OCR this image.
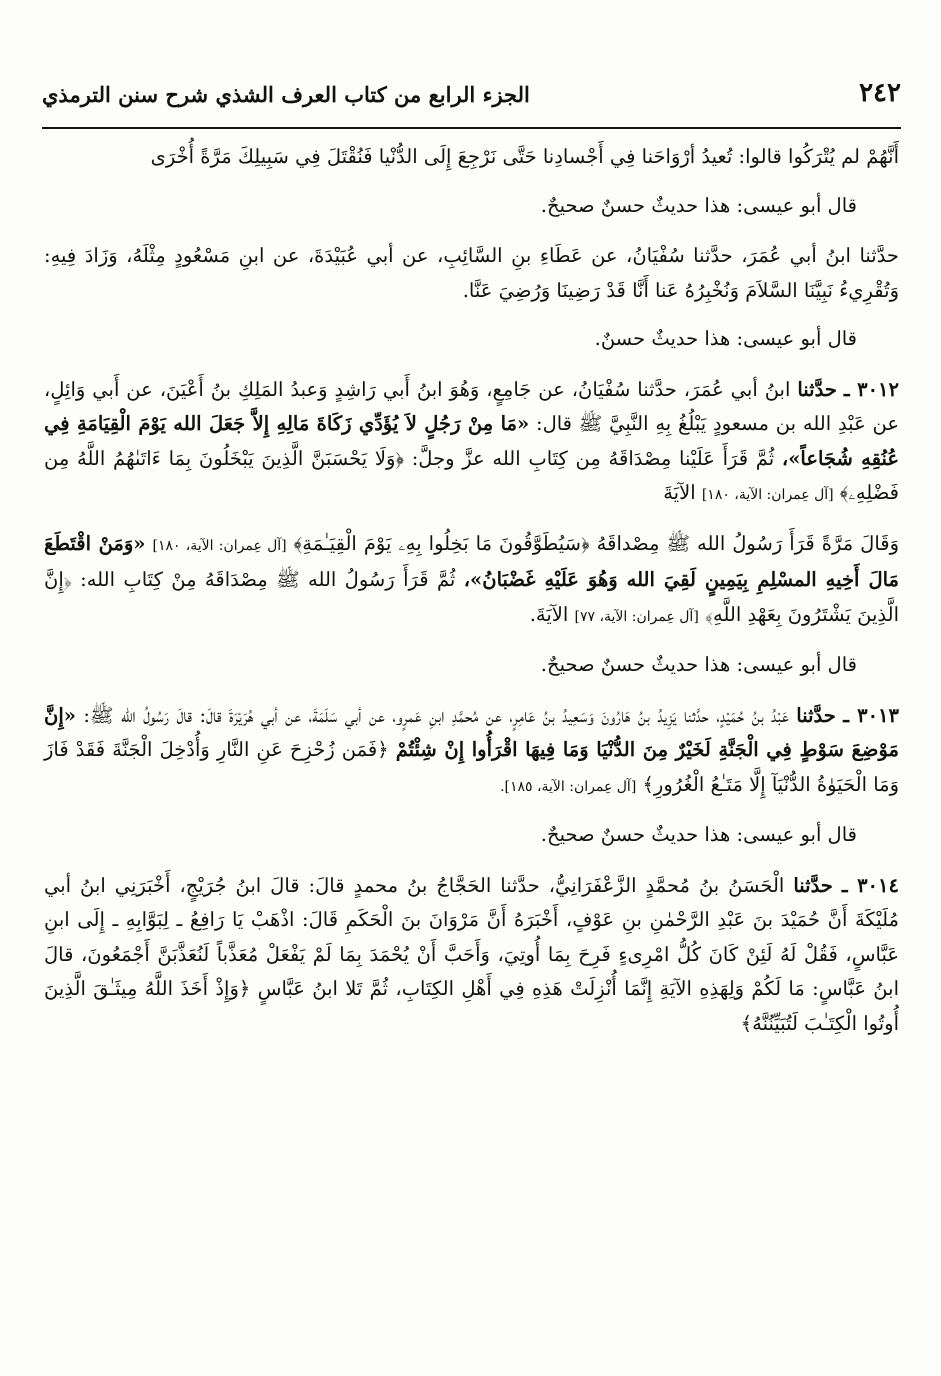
٢٤٢
الجزء الرابع من كتاب العرف الشذي شرح سنن الترمذي

أَنَّهُمْ لم يُتْرَكُوا قالوا: تُعيدُ أرْوَاحَنا فِي أَجْسادِنا حَتَّى نَرْجِعَ إِلَى الدُّنْيا فَنُقْتَلَ فِي سَبِيلِكَ مَرَّةً أُخْرَى

قال أبو عيسى: هذا حديثٌ حسنٌ صحيحٌ.

حدَّثنا ابنُ أبي عُمَرَ، حدَّثنا سُفْيَانُ، عن عَطَاءِ بنِ السَّائِبِ، عن أبي عُبَيْدَةَ، عن ابنِ مَسْعُودٍ مِثْلَهُ، وَزَادَ فِيهِ: وَتُقْرِيءُ نَبِيَّنَا السَّلاَمَ وَنُخْبِرُهُ عَنا أَنَّا قَدْ رَضِينَا وَرُضِيَ عَنَّا.

قال أبو عيسى: هذا حديثٌ حسنٌ.

٣٠١٢ ـ حدَّثنا ابنُ أبي عُمَرَ، حدَّثنا سُفْيَانُ، عن جَامِعٍ، وَهُوَ ابنُ أَبي رَاشِدٍ وَعبدُ المَلِكِ بنُ أَعْيَنَ، عن أَبي وَائِلٍ، عن عَبْدِ الله بن مسعودٍ يَبْلُغُ بِهِ النَّبِيَّ ﷺ قال: «مَا مِنْ رَجُلٍ لاَ يُؤَدِّي زَكَاةَ مَالِهِ إِلاَّ جَعَلَ الله يَوْمَ الْقِيَامَةِ فِي عُنُقِهِ شُجَاعاً»، ثُمَّ قَرَأَ عَلَيْنا مِصْدَاقَهُ مِن كِتَابِ الله عزَّ وجلَّ: ﴿وَلَا يَحْسَبَنَّ الَّذِينَ يَبْخَلُونَ بِمَا ءَاتَىٰهُمُ اللَّهُ مِن فَضْلِهِۦ﴾ [آل عِمران: الآية، ١٨٠] الآيَةَ

وَقَالَ مَرَّةً قَرَأَ رَسُولُ الله ﷺ مِصْداقَهُ ﴿سَيُطَوَّقُونَ مَا بَخِلُوا بِهِۦ يَوْمَ الْقِيَـٰمَةِ﴾ [آل عِمران: الآية، ١٨٠] «وَمَنْ اقْتَطَعَ مَالَ أَخِيهِ المسْلِمِ بِيَمِينٍ لَقِيَ الله وَهُوَ عَلَيْهِ غَضْبَانُ»، ثُمَّ قَرَأَ رَسُولُ الله ﷺ مِصْدَاقَهُ مِنْ كِتَابِ الله: ﴿إِنَّ الَّذِينَ يَشْتَرُونَ بِعَهْدِ اللَّهِ﴾ [آل عِمران: الآية، ٧٧] الآيَةَ.

قال أبو عيسى: هذا حديثٌ حسنٌ صحيحٌ.

٣٠١٣ ـ حدَّثنا عَبْدُ بنُ حُمَيْدٍ، حدَّثنا يَزِيدُ بنُ هَارُونَ وَسَعِيدُ بنُ عَامِرٍ، عن مُحمَّدِ ابنِ عَمرٍو، عن أبي سَلَمَةَ، عن أبي هُرَيْرَةَ قالَ: قالَ رَسُولُ الله ﷺ: «إِنَّ مَوْضِعَ سَوْطٍ فِي الْجَنَّةِ لَخَيْرٌ مِنَ الدُّنْيَا وَمَا فِيهَا اقْرَأُوا إِنْ شِئْتُمْ ﴿فَمَن زُحْزِحَ عَنِ النَّارِ وَأُدْخِلَ الْجَنَّةَ فَقَدْ فَازَ وَمَا الْحَيَوٰةُ الدُّنْيَآ إِلَّا مَتَـٰعُ الْغُرُورِ﴾ [آل عِمران: الآية، ١٨٥].

قال أبو عيسى: هذا حديثٌ حسنٌ صحيحٌ.

٣٠١٤ ـ حدَّثنا الْحَسَنُ بنُ مُحمَّدٍ الزَّعْفَرَانِيُّ، حدَّثنا الحَجَّاجُ بنُ محمدٍ قالَ: قالَ ابنُ جُرَيْجٍ، أَخْبَرَنِي ابنُ أبي مُلَيْكَةَ أَنَّ حُمَيْدَ بنَ عَبْدِ الرَّحْمٰنِ بنِ عَوْفٍ، أَخْبَرَهُ أَنَّ مَرْوَانَ بنَ الْحَكَمِ قَالَ: اذْهَبْ يَا رَافِعُ ـ لِبَوَّابِهِ ـ إِلَى ابنِ عَبَّاسٍ، فَقُلْ لَهُ لَئِنْ كَانَ كُلُّ امْرِىءٍ فَرِحَ بِمَا أُوتِيَ، وَأَحَبَّ أَنْ يُحْمَدَ بِمَا لَمْ يَفْعَلْ مُعَذَّباً لَنُعَذَّبَنَّ أَجْمَعُونَ، قالَ ابنُ عَبَّاسٍ: مَا لَكُمْ وَلِهَذِهِ الآيَةِ إِنَّمَا أُنْزِلَتْ هَذِهِ فِي أَهْلِ الكِتَابِ، ثُمَّ تَلا ابنُ عَبَّاسٍ ﴿وَإِذْ أَخَذَ اللَّهُ مِيثَـٰقَ الَّذِينَ أُوتُوا الْكِتَـٰبَ لَتُبَيِّنُنَّهُ﴾
